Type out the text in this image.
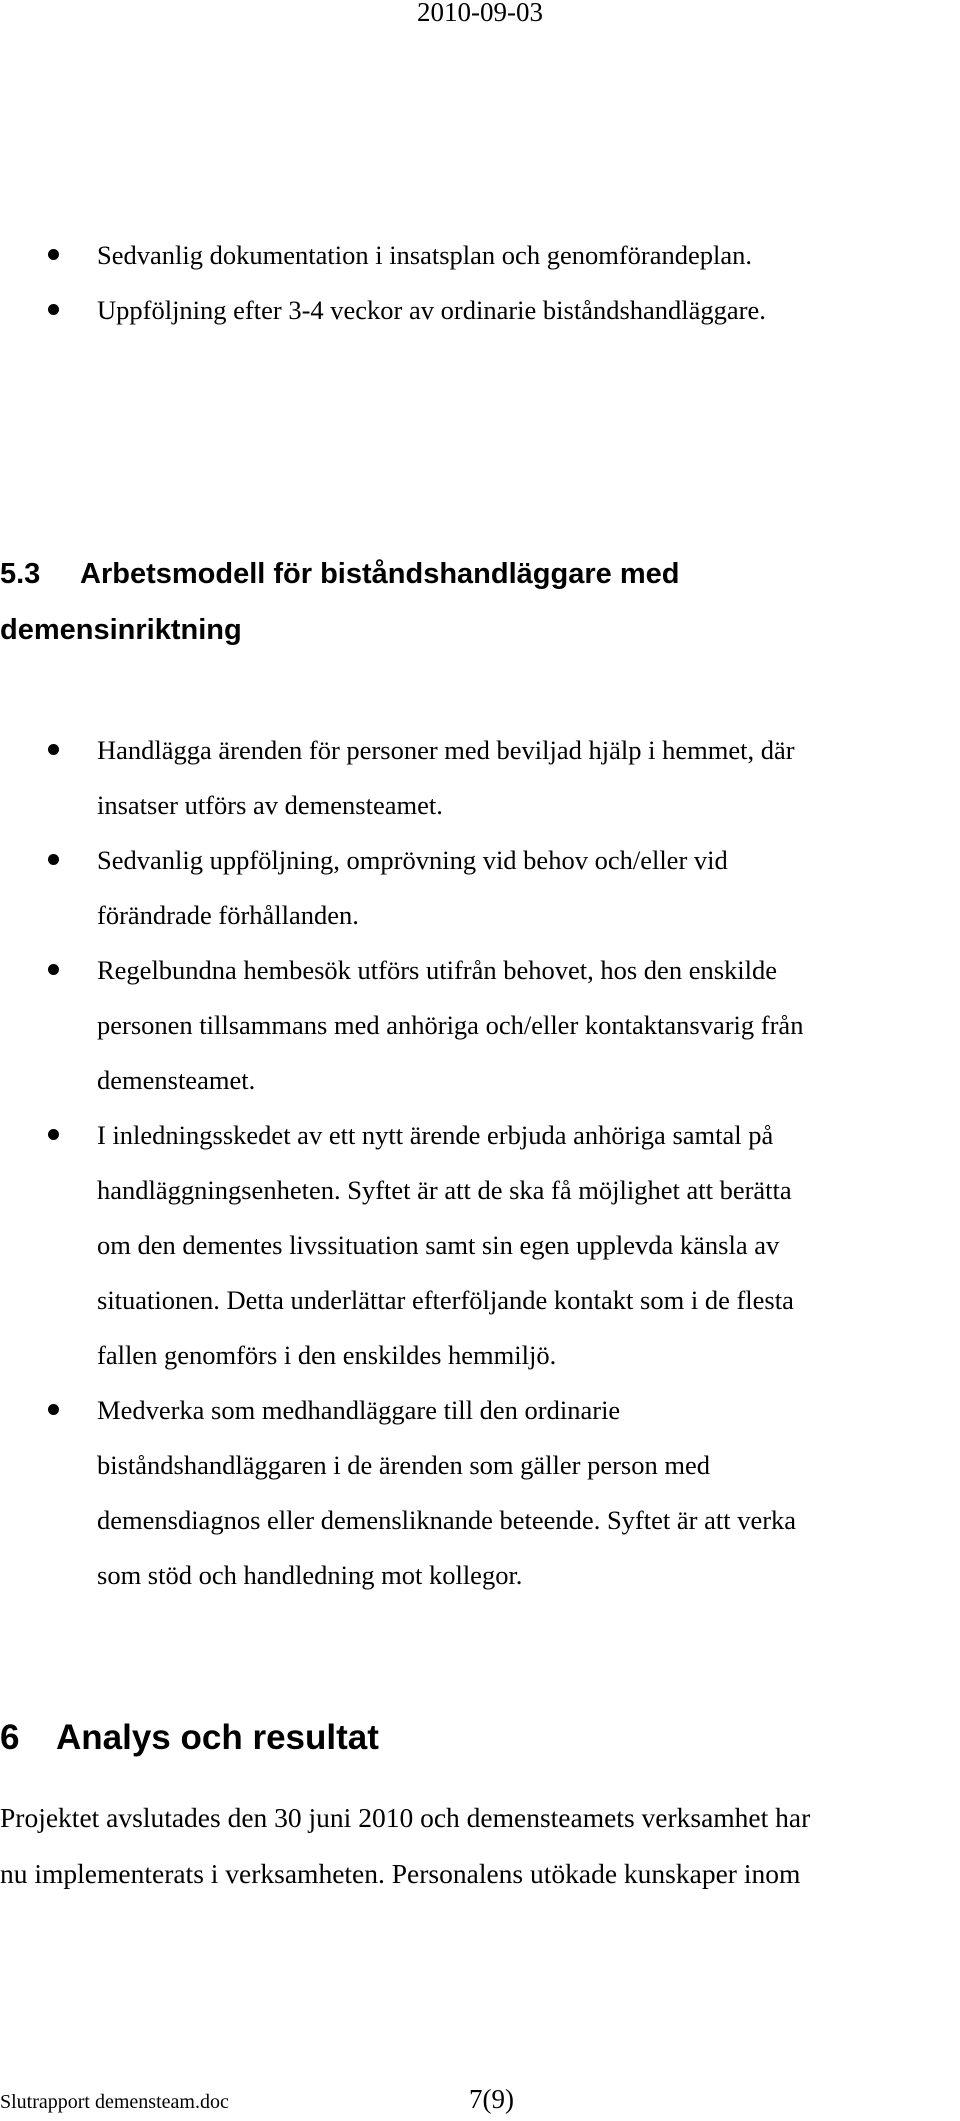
2010-09-03
Sedvanlig dokumentation i insatsplan och genomförandeplan.
Uppföljning efter 3-4 veckor av ordinarie biståndshandläggare.
5.3 Arbetsmodell för biståndshandläggare med
demensinriktning
Handlägga ärenden för personer med beviljad hjälp i hemmet, där
insatser utförs av demensteamet.
Sedvanlig uppföljning, omprövning vid behov och/eller vid
förändrade förhållanden.
Regelbundna hembesök utförs utifrån behovet, hos den enskilde
personen tillsammans med anhöriga och/eller kontaktansvarig från
demensteamet.
I inledningsskedet av ett nytt ärende erbjuda anhöriga samtal på
handläggningsenheten. Syftet är att de ska få möjlighet att berätta
om den dementes livssituation samt sin egen upplevda känsla av
situationen. Detta underlättar efterföljande kontakt som i de flesta
fallen genomförs i den enskildes hemmiljö.
Medverka som medhandläggare till den ordinarie
biståndshandläggaren i de ärenden som gäller person med
demensdiagnos eller demensliknande beteende. Syftet är att verka
som stöd och handledning mot kollegor.
6 Analys och resultat
Projektet avslutades den 30 juni 2010 och demensteamets verksamhet har
nu implementerats i verksamheten. Personalens utökade kunskaper inom
Slutrapport demensteam.doc	7(9)
